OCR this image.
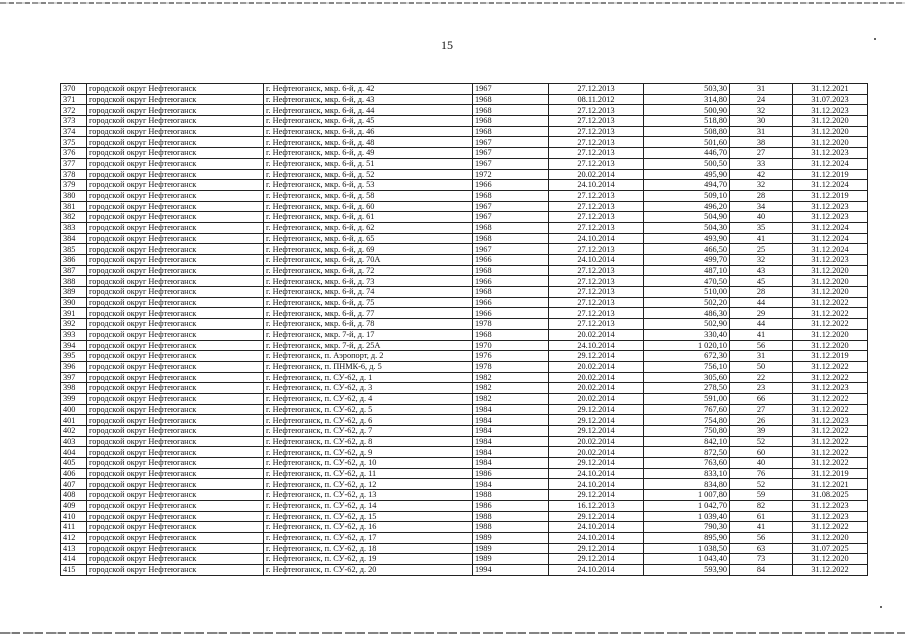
15
370	городской округ Нефтеюганск	г. Нефтеюганск, мкр. 6-й, д. 42	1967	27.12.2013	503,30	31	31.12.2021
371	городской округ Нефтеюганск	г. Нефтеюганск, мкр. 6-й, д. 43	1968	08.11.2012	314,80	24	31.07.2023
372	городской округ Нефтеюганск	г. Нефтеюганск, мкр. 6-й, д. 44	1968	27.12.2013	500,90	32	31.12.2023
373	городской округ Нефтеюганск	г. Нефтеюганск, мкр. 6-й, д. 45	1968	27.12.2013	518,80	30	31.12.2020
374	городской округ Нефтеюганск	г. Нефтеюганск, мкр. 6-й, д. 46	1968	27.12.2013	508,80	31	31.12.2020
375	городской округ Нефтеюганск	г. Нефтеюганск, мкр. 6-й, д. 48	1967	27.12.2013	501,60	38	31.12.2020
376	городской округ Нефтеюганск	г. Нефтеюганск, мкр. 6-й, д. 49	1967	27.12.2013	446,70	27	31.12.2023
377	городской округ Нефтеюганск	г. Нефтеюганск, мкр. 6-й, д. 51	1967	27.12.2013	500,50	33	31.12.2024
378	городской округ Нефтеюганск	г. Нефтеюганск, мкр. 6-й, д. 52	1972	20.02.2014	495,90	42	31.12.2019
379	городской округ Нефтеюганск	г. Нефтеюганск, мкр. 6-й, д. 53	1966	24.10.2014	494,70	32	31.12.2024
380	городской округ Нефтеюганск	г. Нефтеюганск, мкр. 6-й, д. 58	1968	27.12.2013	509,10	28	31.12.2019
381	городской округ Нефтеюганск	г. Нефтеюганск, мкр. 6-й, д. 60	1967	27.12.2013	496,20	34	31.12.2023
382	городской округ Нефтеюганск	г. Нефтеюганск, мкр. 6-й, д. 61	1967	27.12.2013	504,90	40	31.12.2023
383	городской округ Нефтеюганск	г. Нефтеюганск, мкр. 6-й, д. 62	1968	27.12.2013	504,30	35	31.12.2024
384	городской округ Нефтеюганск	г. Нефтеюганск, мкр. 6-й, д. 65	1968	24.10.2014	493,90	41	31.12.2024
385	городской округ Нефтеюганск	г. Нефтеюганск, мкр. 6-й, д. 69	1967	27.12.2013	466,50	25	31.12.2024
386	городской округ Нефтеюганск	г. Нефтеюганск, мкр. 6-й, д. 70А	1966	24.10.2014	499,70	32	31.12.2023
387	городской округ Нефтеюганск	г. Нефтеюганск, мкр. 6-й, д. 72	1968	27.12.2013	487,10	43	31.12.2020
388	городской округ Нефтеюганск	г. Нефтеюганск, мкр. 6-й, д. 73	1966	27.12.2013	470,50	45	31.12.2020
389	городской округ Нефтеюганск	г. Нефтеюганск, мкр. 6-й, д. 74	1968	27.12.2013	510,00	28	31.12.2020
390	городской округ Нефтеюганск	г. Нефтеюганск, мкр. 6-й, д. 75	1966	27.12.2013	502,20	44	31.12.2022
391	городской округ Нефтеюганск	г. Нефтеюганск, мкр. 6-й, д. 77	1966	27.12.2013	486,30	29	31.12.2022
392	городской округ Нефтеюганск	г. Нефтеюганск, мкр. 6-й, д. 78	1978	27.12.2013	502,90	44	31.12.2022
393	городской округ Нефтеюганск	г. Нефтеюганск, мкр. 7-й, д. 17	1968	20.02.2014	330,40	41	31.12.2020
394	городской округ Нефтеюганск	г. Нефтеюганск, мкр. 7-й, д. 25А	1970	24.10.2014	1 020,10	56	31.12.2020
395	городской округ Нефтеюганск	г. Нефтеюганск, п. Аэропорт, д. 2	1976	29.12.2014	672,30	31	31.12.2019
396	городской округ Нефтеюганск	г. Нефтеюганск, п. ПНМК-6, д. 5	1978	20.02.2014	756,10	50	31.12.2022
397	городской округ Нефтеюганск	г. Нефтеюганск, п. СУ-62, д. 1	1982	20.02.2014	305,60	22	31.12.2022
398	городской округ Нефтеюганск	г. Нефтеюганск, п. СУ-62, д. 3	1982	20.02.2014	278,50	23	31.12.2023
399	городской округ Нефтеюганск	г. Нефтеюганск, п. СУ-62, д. 4	1982	20.02.2014	591,00	66	31.12.2022
400	городской округ Нефтеюганск	г. Нефтеюганск, п. СУ-62, д. 5	1984	29.12.2014	767,60	27	31.12.2022
401	городской округ Нефтеюганск	г. Нефтеюганск, п. СУ-62, д. 6	1984	29.12.2014	754,80	26	31.12.2023
402	городской округ Нефтеюганск	г. Нефтеюганск, п. СУ-62, д. 7	1984	29.12.2014	750,80	39	31.12.2022
403	городской округ Нефтеюганск	г. Нефтеюганск, п. СУ-62, д. 8	1984	20.02.2014	842,10	52	31.12.2022
404	городской округ Нефтеюганск	г. Нефтеюганск, п. СУ-62, д. 9	1984	20.02.2014	872,50	60	31.12.2022
405	городской округ Нефтеюганск	г. Нефтеюганск, п. СУ-62, д. 10	1984	29.12.2014	763,60	40	31.12.2022
406	городской округ Нефтеюганск	г. Нефтеюганск, п. СУ-62, д. 11	1986	24.10.2014	833,10	76	31.12.2019
407	городской округ Нефтеюганск	г. Нефтеюганск, п. СУ-62, д. 12	1984	24.10.2014	834,80	52	31.12.2021
408	городской округ Нефтеюганск	г. Нефтеюганск, п. СУ-62, д. 13	1988	29.12.2014	1 007,80	59	31.08.2025
409	городской округ Нефтеюганск	г. Нефтеюганск, п. СУ-62, д. 14	1986	16.12.2013	1 042,70	82	31.12.2023
410	городской округ Нефтеюганск	г. Нефтеюганск, п. СУ-62, д. 15	1988	29.12.2014	1 039,40	61	31.12.2023
411	городской округ Нефтеюганск	г. Нефтеюганск, п. СУ-62, д. 16	1988	24.10.2014	790,30	41	31.12.2022
412	городской округ Нефтеюганск	г. Нефтеюганск, п. СУ-62, д. 17	1989	24.10.2014	895,90	56	31.12.2020
413	городской округ Нефтеюганск	г. Нефтеюганск, п. СУ-62, д. 18	1989	29.12.2014	1 038,50	63	31.07.2025
414	городской округ Нефтеюганск	г. Нефтеюганск, п. СУ-62, д. 19	1989	29.12.2014	1 043,40	73	31.12.2020
415	городской округ Нефтеюганск	г. Нефтеюганск, п. СУ-62, д. 20	1994	24.10.2014	593,90	84	31.12.2022
